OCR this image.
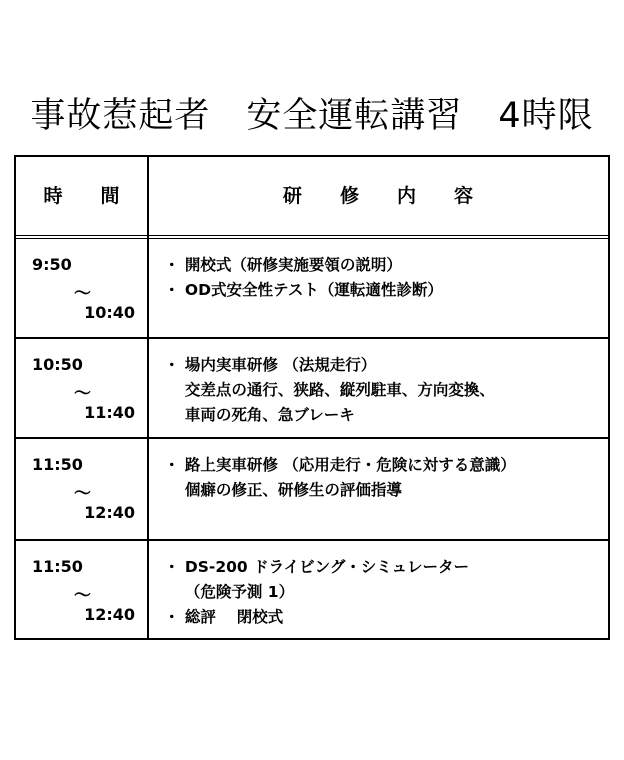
事故惹起者　安全運転講習　4時限
時　　間	研　　修　　内　　容
9:50
～
10:40
・ 開校式（研修実施要領の説明）
・ OD式安全性テスト（運転適性診断）
10:50
～
11:40
・ 場内実車研修 （法規走行）
　 交差点の通行、狭路、縦列駐車、方向変換、
　 車両の死角、急ブレーキ
11:50
～
12:40
・ 路上実車研修 （応用走行・危険に対する意識）
　 個癖の修正、研修生の評価指導
11:50
～
12:40
・ DS-200 ドライビング・シミュレーター
　 （危険予測 1）
・ 総評　 閉校式
